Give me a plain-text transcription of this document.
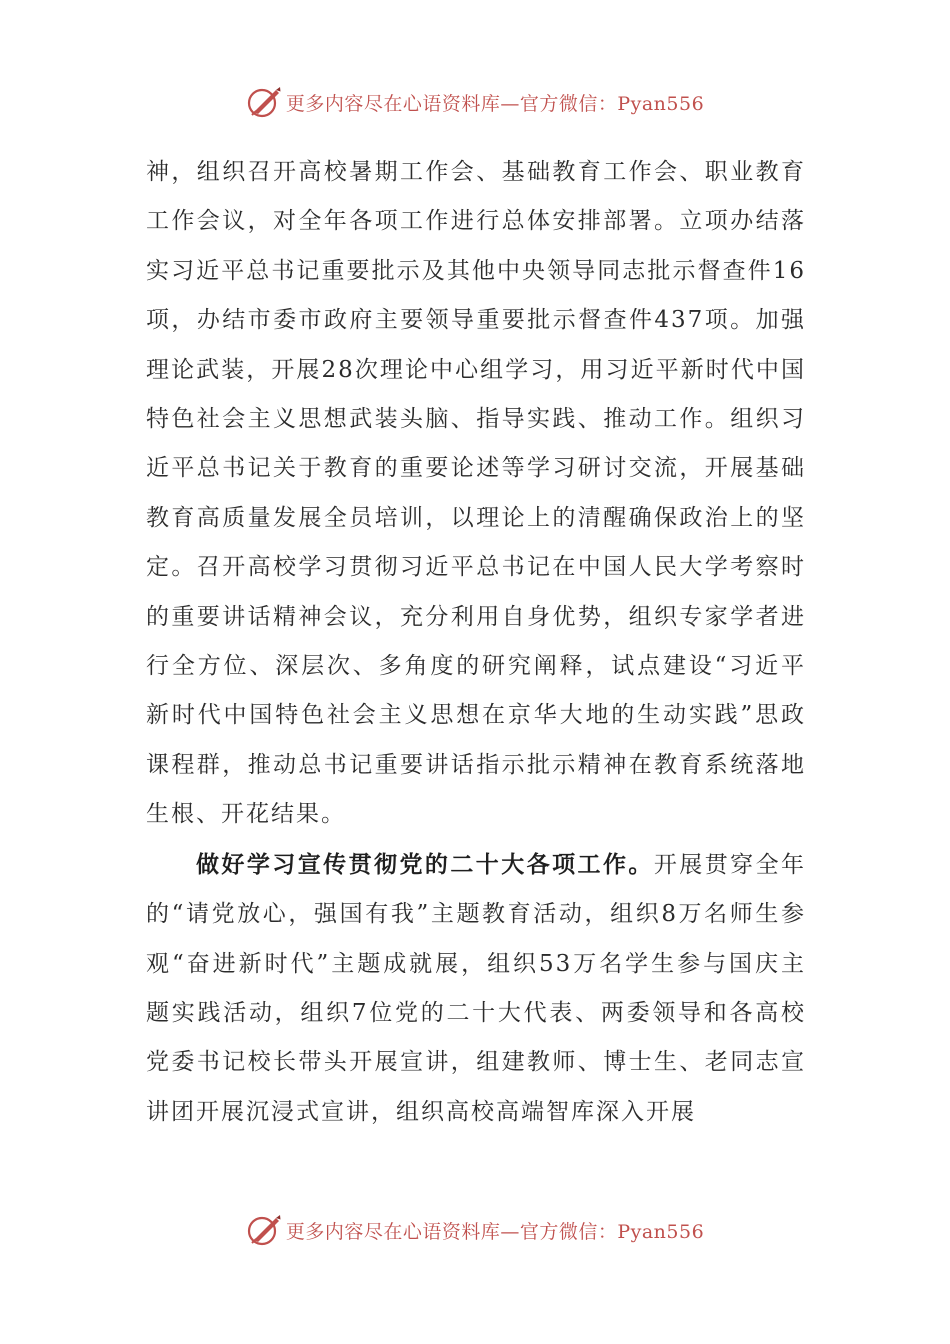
更多内容尽在心语资料库—官方微信：Pyan556

神，组织召开高校暑期工作会、基础教育工作会、职业教育工作会议，对全年各项工作进行总体安排部署。立项办结落实习近平总书记重要批示及其他中央领导同志批示督查件16项，办结市委市政府主要领导重要批示督查件437项。加强理论武装，开展28次理论中心组学习，用习近平新时代中国特色社会主义思想武装头脑、指导实践、推动工作。组织习近平总书记关于教育的重要论述等学习研讨交流，开展基础教育高质量发展全员培训，以理论上的清醒确保政治上的坚定。召开高校学习贯彻习近平总书记在中国人民大学考察时的重要讲话精神会议，充分利用自身优势，组织专家学者进行全方位、深层次、多角度的研究阐释，试点建设“习近平新时代中国特色社会主义思想在京华大地的生动实践”思政课程群，推动总书记重要讲话指示批示精神在教育系统落地生根、开花结果。

做好学习宣传贯彻党的二十大各项工作。开展贯穿全年的“请党放心，强国有我”主题教育活动，组织8万名师生参观“奋进新时代”主题成就展，组织53万名学生参与国庆主题实践活动，组织7位党的二十大代表、两委领导和各高校党委书记校长带头开展宣讲，组建教师、博士生、老同志宣讲团开展沉浸式宣讲，组织高校高端智库深入开展

更多内容尽在心语资料库—官方微信：Pyan556
